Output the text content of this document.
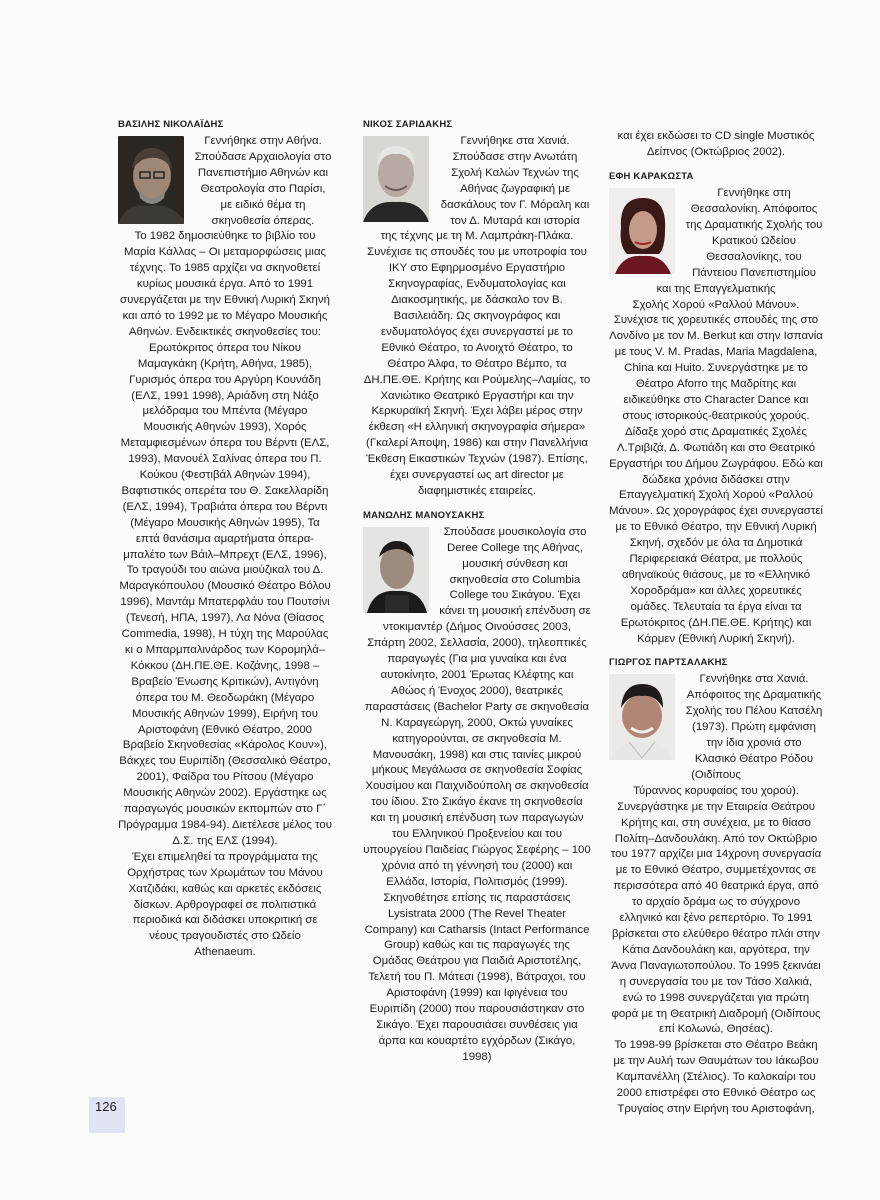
ΒΑΣΙΛΗΣ ΝΙΚΟΛΑΪΔΗΣ

Γεννήθηκε στην Αθήνα. Σπούδασε Αρχαιολογία στο Πανεπιστήμιο Αθηνών και Θεατρολογία στο Παρίσι, με ειδικό θέμα τη σκηνοθεσία όπερας.

Το 1982 δημοσιεύθηκε το βιβλίο του Μαρία Κάλλας – Οι μεταμορφώσεις μιας τέχνης. Το 1985 αρχίζει να σκηνοθετεί κυρίως μουσικά έργα. Από το 1991 συνεργάζεται με την Εθνική Λυρική Σκηνή και από το 1992 με το Μέγαρο Μουσικής Αθηνών. Ενδεικτικές σκηνοθεσίες του: Ερωτόκριτος όπερα του Νίκου Μαμαγκάκη (Κρήτη, Αθήνα, 1985), Γυρισμός όπερα του Αργύρη Κουνάδη (ΕΛΣ, 1991 1998), Αριάδνη στη Νάξο μελόδραμα του Μπέντα (Μέγαρο Μουσικής Αθηνών 1993), Χορός Μεταμφιεσμένων όπερα του Βέρντι (ΕΛΣ, 1993), Μανουέλ Σαλίνας όπερα του Π. Κούκου (Φεστιβάλ Αθηνών 1994), Βαφτιστικός οπερέτα του Θ. Σακελλαρίδη (ΕΛΣ, 1994), Τραβιάτα όπερα του Βέρντι (Μέγαρο Μουσικής Αθηνών 1995), Τα επτά θανάσιμα αμαρτήματα όπερα-μπαλέτο των Βάιλ–Μπρεχτ (ΕΛΣ, 1996), Το τραγούδι του αιώνα μιούζικαλ του Δ. Μαραγκόπουλου (Μουσικό Θέατρο Βόλου 1996), Μαντάμ Μπατερφλάυ του Πουτσίνι (Τενεσή, ΗΠΑ, 1997), Λα Νόνα (Θίασος Commedia, 1998), Η τύχη της Μαρούλας κι ο Μπαρμπαλινάρδος των Κορομηλά–Κόκκου (ΔΗ.ΠΕ.ΘΕ. Κοζάνης, 1998 – Βραβείο Ένωσης Κριτικών), Αντιγόνη όπερα του Μ. Θεοδωράκη (Μέγαρο Μουσικής Αθηνών 1999), Ειρήνη του Αριστοφάνη (Εθνικό Θέατρο, 2000 Βραβείο Σκηνοθεσίας «Κάρολος Κουν»), Βάκχες του Ευριπίδη (Θεσσαλικό Θέατρο, 2001), Φαίδρα του Ρίτσου (Μέγαρο Μουσικής Αθηνών 2002). Εργάστηκε ως παραγωγός μουσικών εκπομπών στο Γ΄ Πρόγραμμα 1984-94). Διετέλεσε μέλος του Δ.Σ. της ΕΛΣ (1994).

Έχει επιμεληθεί τα προγράμματα της Ορχήστρας των Χρωμάτων του Μάνου Χατζιδάκι, καθώς και αρκετές εκδόσεις δίσκων. Αρθρογραφεί σε πολιτιστικά περιοδικά και διδάσκει υποκριτική σε νέους τραγουδιστές στο Ωδείο Athenaeum.

ΝΙΚΟΣ ΣΑΡΙΔΑΚΗΣ

Γεννήθηκε στα Χανιά. Σπούδασε στην Ανωτάτη Σχολή Καλών Τεχνών της Αθήνας ζωγραφική με δασκάλους τον Γ. Μόραλη και τον Δ. Μυταρά και ιστορία

της τέχνης με τη Μ. Λαμπράκη-Πλάκα. Συνέχισε τις σπουδές του με υποτροφία του ΙΚΥ στο Εφηρμοσμένο Εργαστήριο Σκηνογραφίας, Ενδυματολογίας και Διακοσμητικής, με δάσκαλο τον Β. Βασιλειάδη. Ως σκηνογράφος και ενδυματολόγος έχει συνεργαστεί με το Εθνικό Θέατρο, το Ανοιχτό Θέατρο, το Θέατρο Άλφα, το Θέατρο Βέμπο, τα ΔΗ.ΠΕ.ΘΕ. Κρήτης και Ρούμελης–Λαμίας, το Χανιώτικο Θεατρικό Εργαστήρι και την Κερκυραϊκή Σκηνή. Έχει λάβει μέρος στην έκθεση «Η ελληνική σκηνογραφία σήμερα» (Γκαλερί Άποψη, 1986) και στην Πανελλήνια Έκθεση Εικαστικών Τεχνών (1987). Επίσης, έχει συνεργαστεί ως art director με διαφημιστικές εταιρείες.

ΜΑΝΩΛΗΣ ΜΑΝΟΥΣΑΚΗΣ

Σπούδασε μουσικολογία στο Deree College της Αθήνας, μουσική σύνθεση και σκηνοθεσία στο Columbia College του Σικάγου. Έχει κάνει τη μουσική επένδυση σε

ντοκιμαντέρ (Δήμος Οινούσσες 2003, Σπάρτη 2002, Σελλασία, 2000), τηλεοπτικές παραγωγές (Για μια γυναίκα και ένα αυτοκίνητο, 2001 Έρωτας Κλέφτης και Αθώος ή Ένοχος 2000), θεατρικές παραστάσεις (Bachelor Party σε σκηνοθεσία Ν. Καραγεώργη, 2000, Οκτώ γυναίκες κατηγορούνται, σε σκηνοθεσία Μ. Μανουσάκη, 1998) και στις ταινίες μικρού μήκους Μεγάλωσα σε σκηνοθεσία Σοφίας Χουσίμου και Παιχνιδούπολη σε σκηνοθεσία του ίδιου. Στο Σικάγο έκανε τη σκηνοθεσία και τη μουσική επένδυση των παραγωγών του Ελληνικού Προξενείου και του υπουργείου Παιδείας Γιώργος Σεφέρης – 100 χρόνια από τη γέννησή του (2000) και Ελλάδα, Ιστορία, Πολιτισμός (1999). Σκηνοθέτησε επίσης τις παραστάσεις Lysistrata 2000 (The Revel Theater Company) και Catharsis (Intact Performance Group) καθώς και τις παραγωγές της Ομάδας Θεάτρου για Παιδιά Αριστοτέλης, Τελετή του Π. Μάτεσι (1998), Βάτραχοι, του Αριστοφάνη (1999) και Ιφιγένεια του Ευριπίδη (2000) που παρουσιάστηκαν στο Σικάγο. Έχει παρουσιάσει συνθέσεις για άρπα και κουαρτέτο εγχόρδων (Σικάγο, 1998)

και έχει εκδώσει το CD single Μυστικός Δείπνος (Οκτώβριος 2002).

ΕΦΗ ΚΑΡΑΚΩΣΤΑ

Γεννήθηκε στη Θεσσαλονίκη. Απόφοιτος της Δραματικής Σχολής του Κρατικού Ωδείου Θεσσαλονίκης, του Πάντειου Πανεπιστημίου και της Επαγγελματικής

Σχολής Χορού «Ραλλού Μάνου». Συνέχισε τις χορευτικές σπουδές της στο Λονδίνο με τον Μ. Berkut και στην Ισπανία με τους V. M. Pradas, Maria Magdalena, China και Huito. Συνεργάστηκε με το Θέατρο Aforro της Μαδρίτης και ειδικεύθηκε στο Character Dance και στους ιστορικούς-θεατρικούς χορούς. Δίδαξε χορό στις Δραματικές Σχολές Λ.Τριβιζά, Δ. Φωτιάδη και στο Θεατρικό Εργαστήρι του Δήμου Ζωγράφου. Εδώ και δώδεκα χρόνια διδάσκει στην Επαγγελματική Σχολή Χορού «Ραλλού Μάνου». Ως χορογράφος έχει συνεργαστεί με το Εθνικό Θέατρο, την Εθνική Λυρική Σκηνή, σχεδόν με όλα τα Δημοτικά Περιφερειακά Θέατρα, με πολλούς αθηναϊκούς θιάσους, με το «Ελληνικό Χοροδράμα» και άλλες χορευτικές ομάδες. Τελευταία τα έργα είναι τα Ερωτόκριτος (ΔΗ.ΠΕ.ΘΕ. Κρήτης) και Κάρμεν (Εθνική Λυρική Σκηνή).

ΓΙΩΡΓΟΣ ΠΑΡΤΣΑΛΑΚΗΣ

Γεννήθηκε στα Χανιά. Απόφοιτος της Δραματικής Σχολής του Πέλου Κατσέλη (1973). Πρώτη εμφάνιση την ίδια χρονιά στο Κλασικό Θέατρο Ρόδου (Οιδίπους

Τύραννος κορυφαίος του χορού). Συνεργάστηκε με την Εταιρεία Θεάτρου Κρήτης και, στη συνέχεια, με το θίασο Πολίτη–Δανδουλάκη. Από τον Οκτώβριο του 1977 αρχίζει μια 14χρονη συνεργασία με το Εθνικό Θέατρο, συμμετέχοντας σε περισσότερα από 40 θεατρικά έργα, από το αρχαίο δράμα ως το σύγχρονο ελληνικό και ξένο ρεπερτόριο. Το 1991 βρίσκεται στο ελεύθερο θέατρο πλάι στην Κάτια Δανδουλάκη και, αργότερα, την Άννα Παναγιωτοπούλου. Το 1995 ξεκινάει η συνεργασία του με τον Τάσο Χαλκιά, ενώ το 1998 συνεργάζεται για πρώτη φορά με τη Θεατρική Διαδρομή (Οιδίπους επί Κολωνώ, Θησέας).

Το 1998-99 βρίσκεται στο Θέατρο Βεάκη με την Αυλή των Θαυμάτων του Ιάκωβου Καμπανέλλη (Στέλιος). Το καλοκαίρι του 2000 επιστρέφει στο Εθνικό Θέατρο ως Τρυγαίος στην Ειρήνη του Αριστοφάνη,

126
